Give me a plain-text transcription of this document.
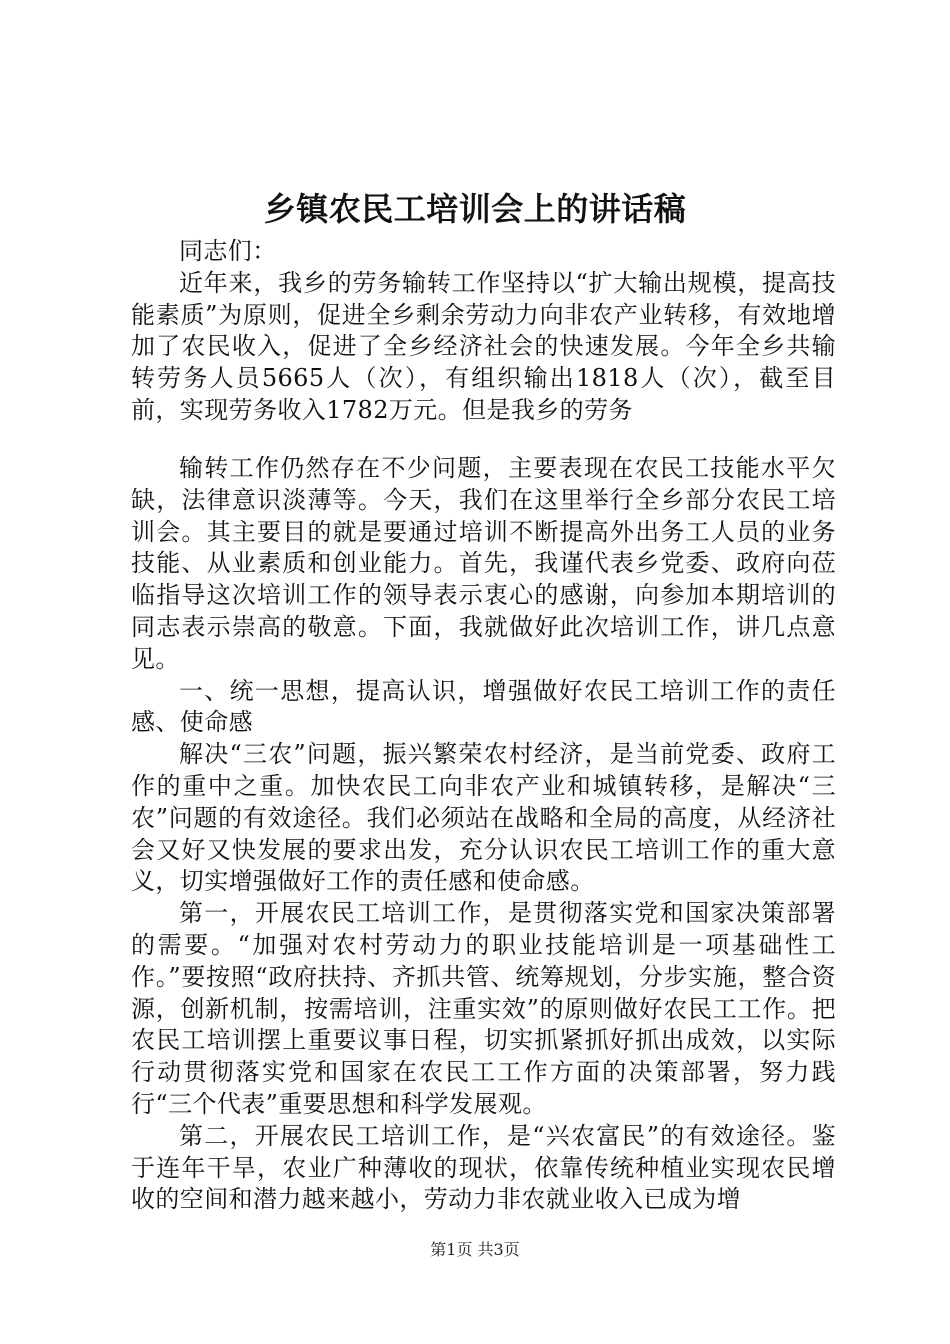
乡镇农民工培训会上的讲话稿

同志们：

近年来，我乡的劳务输转工作坚持以“扩大输出规模，提高技能素质”为原则，促进全乡剩余劳动力向非农产业转移，有效地增加了农民收入，促进了全乡经济社会的快速发展。今年全乡共输转劳务人员5665人（次），有组织输出1818人（次），截至目前，实现劳务收入1782万元。但是我乡的劳务

输转工作仍然存在不少问题，主要表现在农民工技能水平欠缺，法律意识淡薄等。今天，我们在这里举行全乡部分农民工培训会。其主要目的就是要通过培训不断提高外出务工人员的业务技能、从业素质和创业能力。首先，我谨代表乡党委、政府向莅临指导这次培训工作的领导表示衷心的感谢，向参加本期培训的同志表示崇高的敬意。下面，我就做好此次培训工作，讲几点意见。

一、统一思想，提高认识，增强做好农民工培训工作的责任感、使命感

解决“三农”问题，振兴繁荣农村经济，是当前党委、政府工作的重中之重。加快农民工向非农产业和城镇转移，是解决“三农”问题的有效途径。我们必须站在战略和全局的高度，从经济社会又好又快发展的要求出发，充分认识农民工培训工作的重大意义，切实增强做好工作的责任感和使命感。

第一，开展农民工培训工作，是贯彻落实党和国家决策部署的需要。“加强对农村劳动力的职业技能培训是一项基础性工作。”要按照“政府扶持、齐抓共管、统筹规划，分步实施，整合资源，创新机制，按需培训，注重实效”的原则做好农民工工作。把农民工培训摆上重要议事日程，切实抓紧抓好抓出成效，以实际行动贯彻落实党和国家在农民工工作方面的决策部署，努力践行“三个代表”重要思想和科学发展观。

第二，开展农民工培训工作，是“兴农富民”的有效途径。鉴于连年干旱，农业广种薄收的现状，依靠传统种植业实现农民增收的空间和潜力越来越小，劳动力非农就业收入已成为增

第1页 共3页
